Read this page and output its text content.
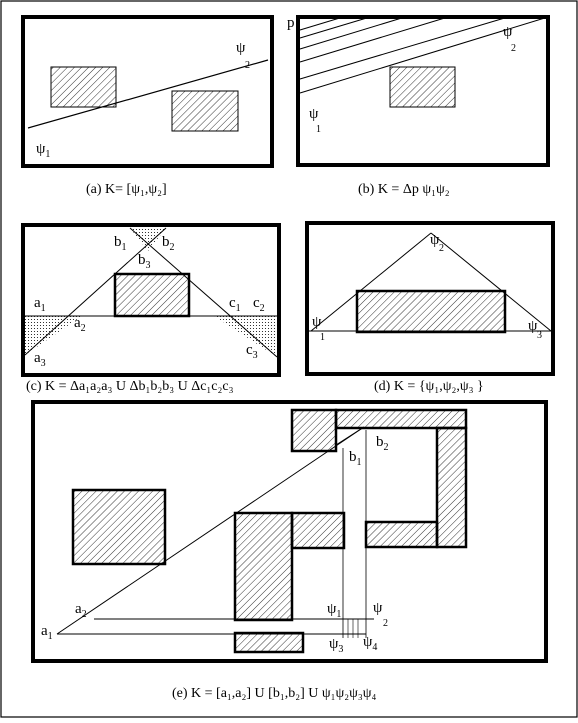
$\psi_1$
ψ
2
(a) K= [ψ₁,ψ₂]
p
ψ
1
ψ
2
(b) K = Δp ψ₁ψ₂
$b_1$ $b_2$
$b_3$
$a_1$
$a_2$
$a_3$
$c_1$ $c_2$
$c_3$
(c) K = Δa₁a₂a₃ U Δb₁b₂b₃ U Δc₁c₂c₃
ψ
1
ψ
2
ψ
3
(d) K = {ψ₁,ψ₂,ψ₃ }
$a_2$
$a_1$
$b_1$
$b_2$
$\psi_1$ ψ
2
$\psi_3$ $\psi_4$
(e) K = [a₁,a₂] U [b₁,b₂] U ψ₁ψ₂ψ₃ψ₄
